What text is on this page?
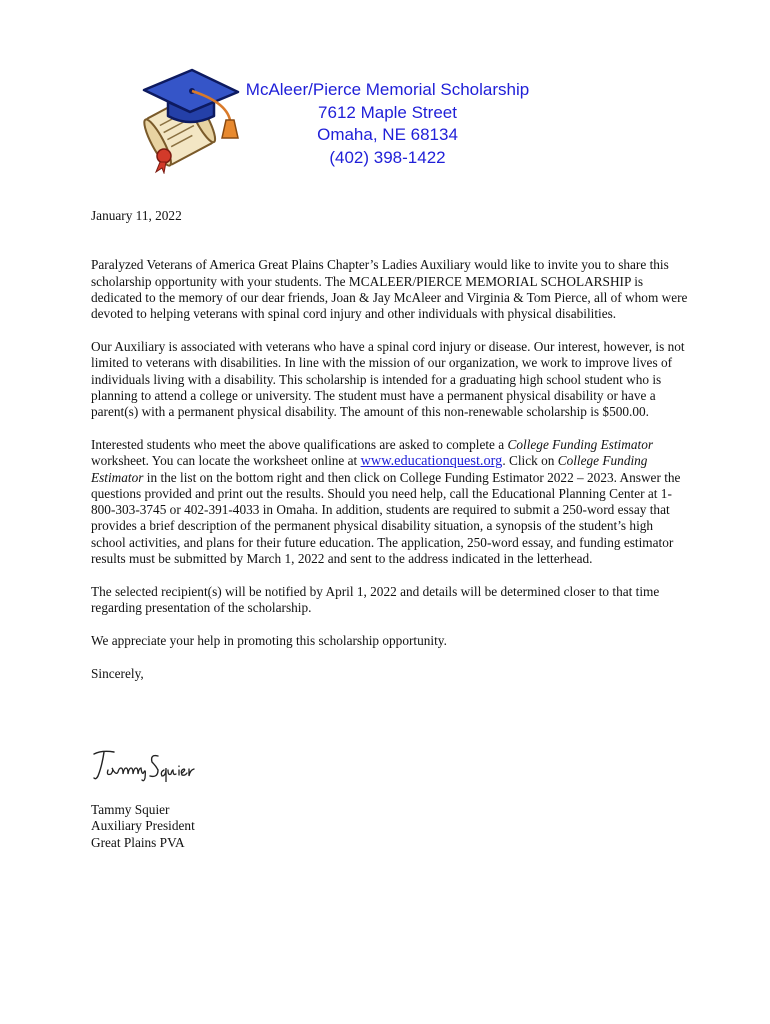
McAleer/Pierce Memorial Scholarship
7612 Maple Street
Omaha, NE 68134
(402) 398-1422

January 11, 2022

Paralyzed Veterans of America Great Plains Chapter’s Ladies Auxiliary would like to invite you to share this scholarship opportunity with your students. The MCALEER/PIERCE MEMORIAL SCHOLARSHIP is dedicated to the memory of our dear friends, Joan & Jay McAleer and Virginia & Tom Pierce, all of whom were devoted to helping veterans with spinal cord injury and other individuals with physical disabilities.

Our Auxiliary is associated with veterans who have a spinal cord injury or disease. Our interest, however, is not limited to veterans with disabilities. In line with the mission of our organization, we work to improve lives of individuals living with a disability. This scholarship is intended for a graduating high school student who is planning to attend a college or university. The student must have a permanent physical disability or have a parent(s) with a permanent physical disability. The amount of this non-renewable scholarship is $500.00.

Interested students who meet the above qualifications are asked to complete a College Funding Estimator worksheet. You can locate the worksheet online at www.educationquest.org. Click on College Funding Estimator in the list on the bottom right and then click on College Funding Estimator 2022 – 2023. Answer the questions provided and print out the results. Should you need help, call the Educational Planning Center at 1-800-303-3745 or 402-391-4033 in Omaha. In addition, students are required to submit a 250-word essay that provides a brief description of the permanent physical disability situation, a synopsis of the student’s high school activities, and plans for their future education. The application, 250-word essay, and funding estimator results must be submitted by March 1, 2022 and sent to the address indicated in the letterhead.

The selected recipient(s) will be notified by April 1, 2022 and details will be determined closer to that time regarding presentation of the scholarship.

We appreciate your help in promoting this scholarship opportunity.

Sincerely,

Tammy Squier
Auxiliary President
Great Plains PVA
